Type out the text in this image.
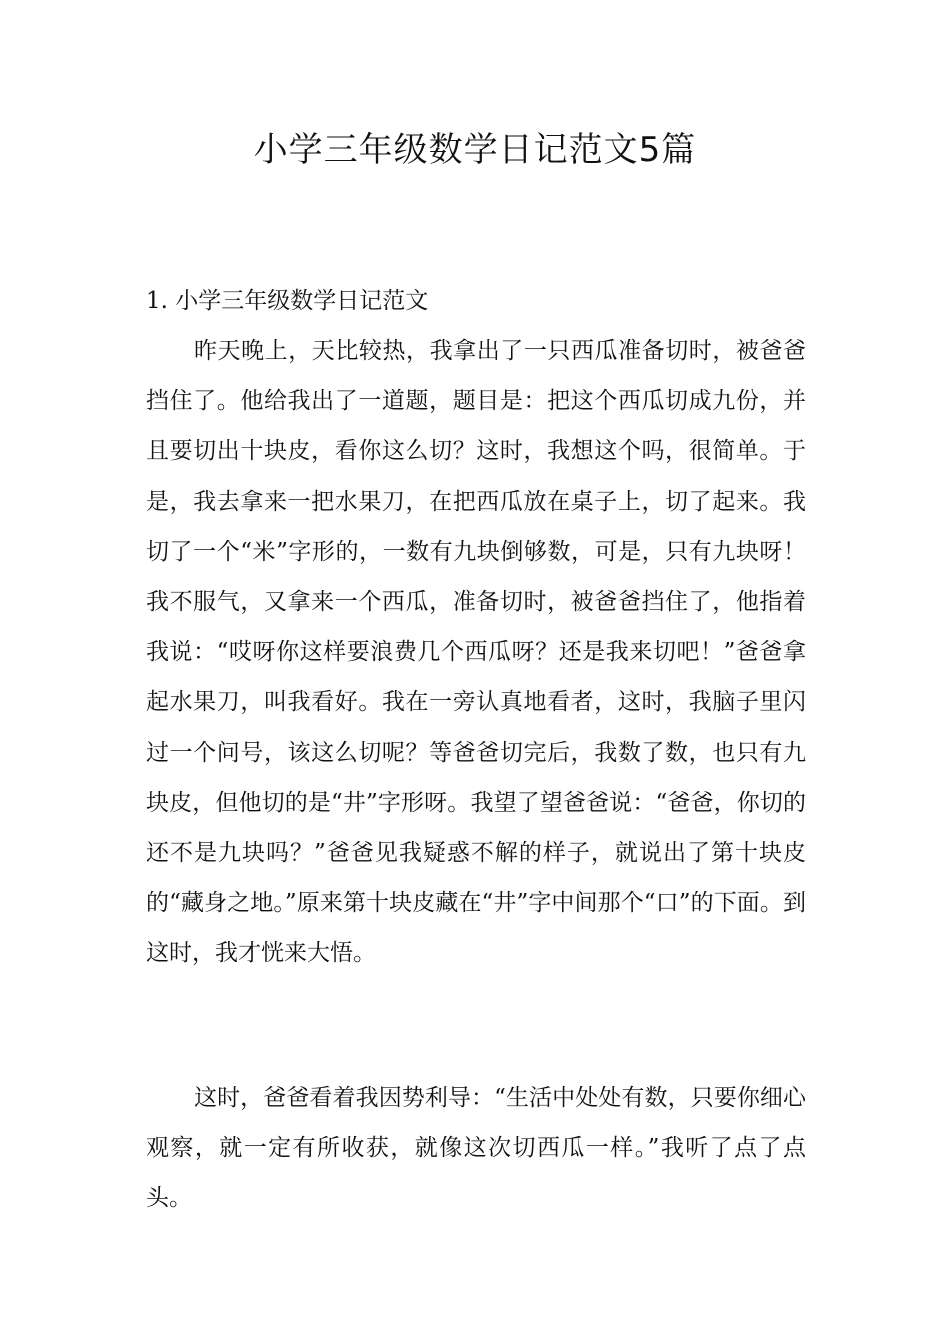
小学三年级数学日记范文5篇
1. 小学三年级数学日记范文

昨天晚上，天比较热，我拿出了一只西瓜准备切时，被爸爸挡住了。他给我出了一道题，题目是：把这个西瓜切成九份，并且要切出十块皮，看你这么切？这时，我想这个吗，很简单。于是，我去拿来一把水果刀，在把西瓜放在桌子上，切了起来。我切了一个“米”字形的，一数有九块倒够数，可是，只有九块呀！我不服气，又拿来一个西瓜，准备切时，被爸爸挡住了，他指着我说：“哎呀你这样要浪费几个西瓜呀？还是我来切吧！”爸爸拿起水果刀，叫我看好。我在一旁认真地看者，这时，我脑子里闪过一个问号，该这么切呢？等爸爸切完后，我数了数，也只有九块皮，但他切的是“井”字形呀。我望了望爸爸说：“爸爸，你切的还不是九块吗？”爸爸见我疑惑不解的样子，就说出了第十块皮的“藏身之地。”原来第十块皮藏在“井”字中间那个“口”的下面。到这时，我才恍来大悟。

这时，爸爸看着我因势利导：“生活中处处有数，只要你细心观察，就一定有所收获，就像这次切西瓜一样。”我听了点了点头。
